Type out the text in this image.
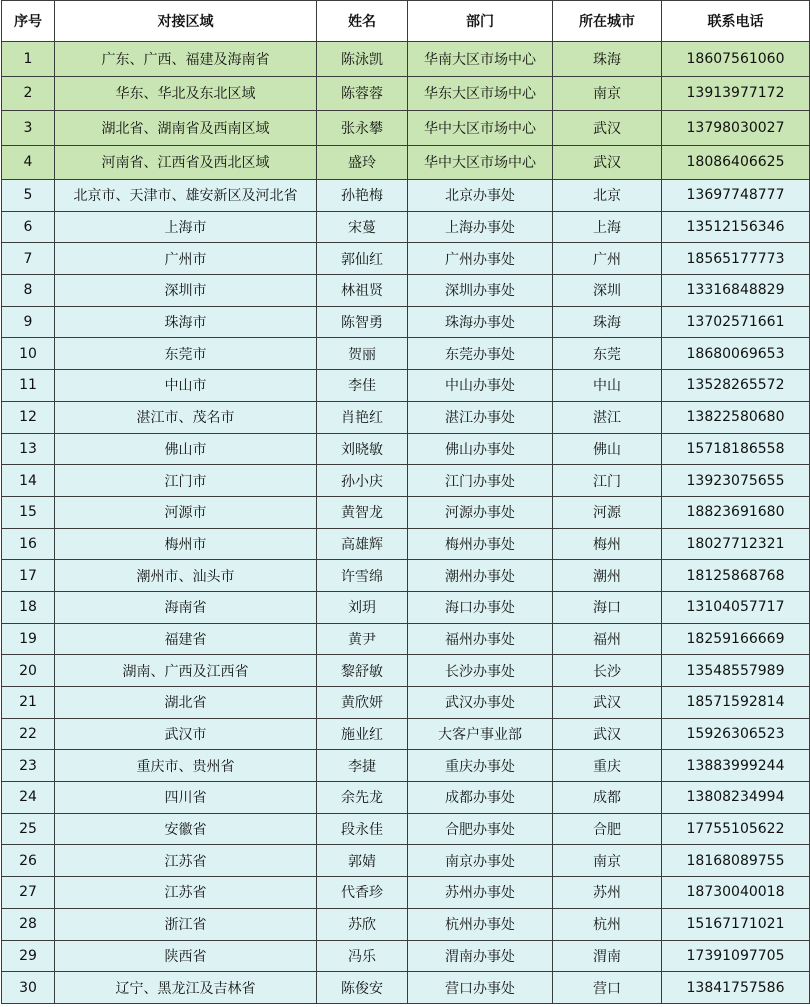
序号	对接区域	姓名	部门	所在城市	联系电话
1	广东、广西、福建及海南省	陈泳凯	华南大区市场中心	珠海	18607561060
2	华东、华北及东北区域	陈蓉蓉	华东大区市场中心	南京	13913977172
3	湖北省、湖南省及西南区域	张永攀	华中大区市场中心	武汉	13798030027
4	河南省、江西省及西北区域	盛玲	华中大区市场中心	武汉	18086406625
5	北京市、天津市、雄安新区及河北省	孙艳梅	北京办事处	北京	13697748777
6	上海市	宋蔓	上海办事处	上海	13512156346
7	广州市	郭仙红	广州办事处	广州	18565177773
8	深圳市	林祖贤	深圳办事处	深圳	13316848829
9	珠海市	陈智勇	珠海办事处	珠海	13702571661
10	东莞市	贺丽	东莞办事处	东莞	18680069653
11	中山市	李佳	中山办事处	中山	13528265572
12	湛江市、茂名市	肖艳红	湛江办事处	湛江	13822580680
13	佛山市	刘晓敏	佛山办事处	佛山	15718186558
14	江门市	孙小庆	江门办事处	江门	13923075655
15	河源市	黄智龙	河源办事处	河源	18823691680
16	梅州市	高雄辉	梅州办事处	梅州	18027712321
17	潮州市、汕头市	许雪绵	潮州办事处	潮州	18125868768
18	海南省	刘玥	海口办事处	海口	13104057717
19	福建省	黄尹	福州办事处	福州	18259166669
20	湖南、广西及江西省	黎舒敏	长沙办事处	长沙	13548557989
21	湖北省	黄欣妍	武汉办事处	武汉	18571592814
22	武汉市	施业红	大客户事业部	武汉	15926306523
23	重庆市、贵州省	李捷	重庆办事处	重庆	13883999244
24	四川省	余先龙	成都办事处	成都	13808234994
25	安徽省	段永佳	合肥办事处	合肥	17755105622
26	江苏省	郭婧	南京办事处	南京	18168089755
27	江苏省	代香珍	苏州办事处	苏州	18730040018
28	浙江省	苏欣	杭州办事处	杭州	15167171021
29	陕西省	冯乐	渭南办事处	渭南	17391097705
30	辽宁、黑龙江及吉林省	陈俊安	营口办事处	营口	13841757586
